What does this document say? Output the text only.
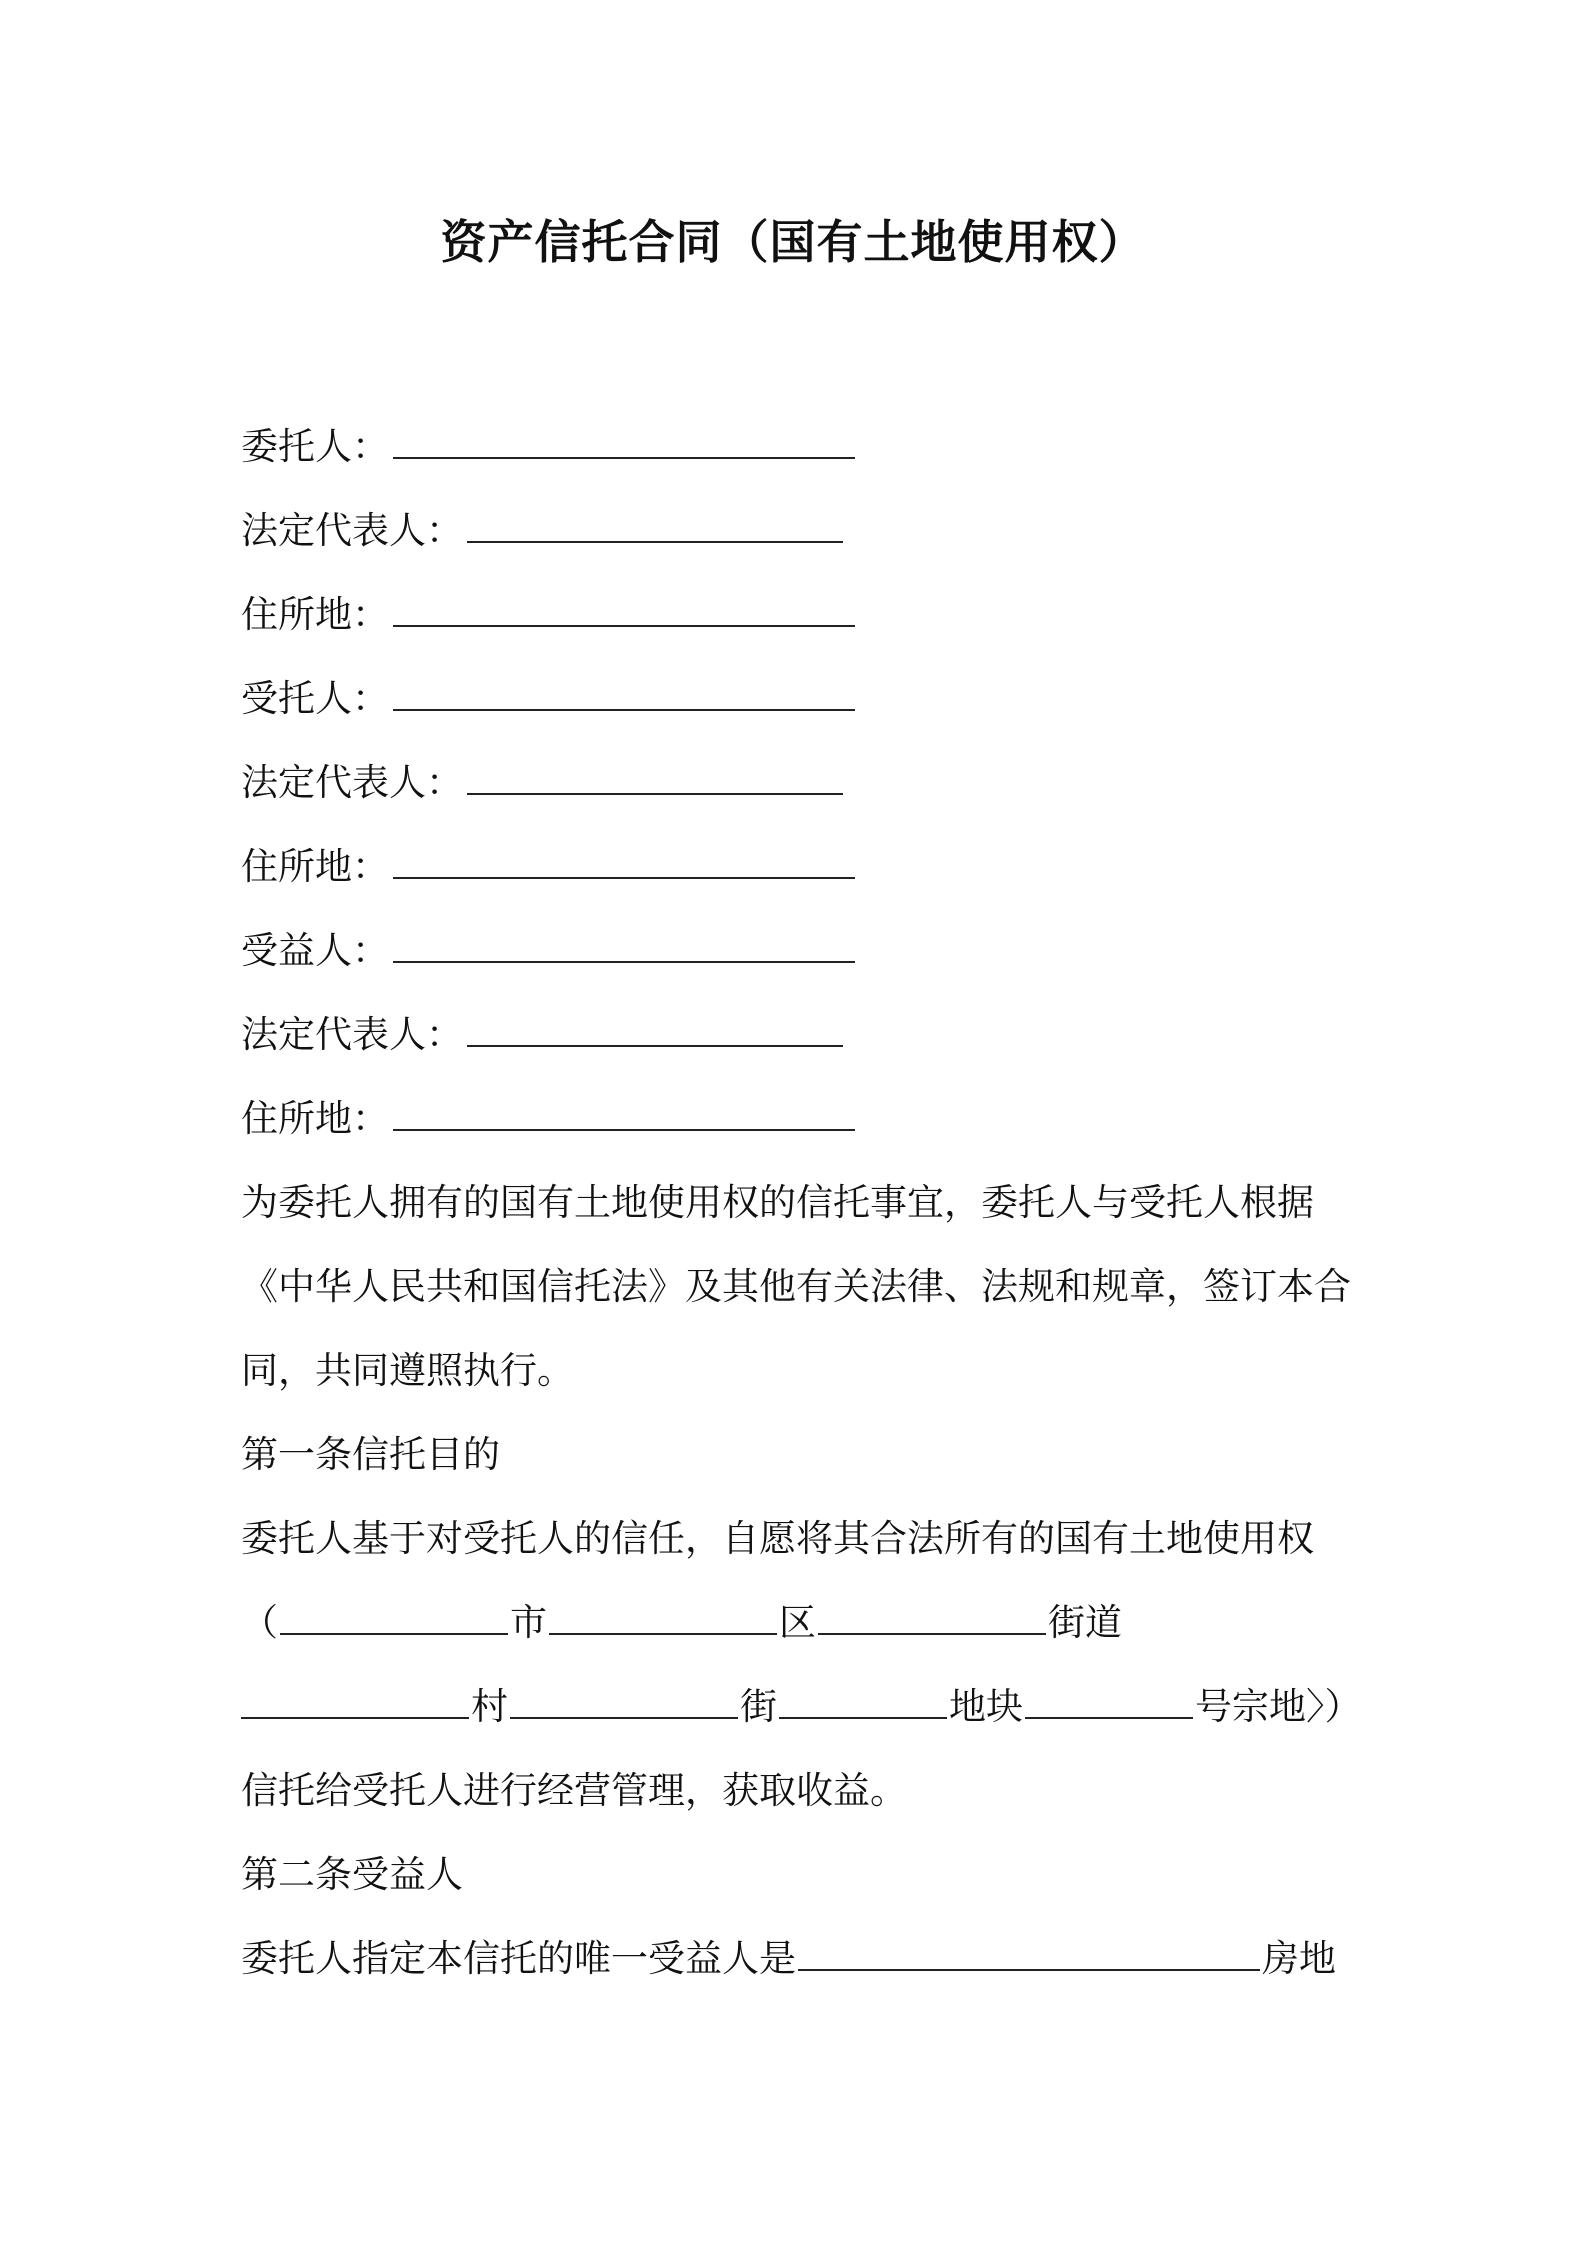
资产信托合同（国有土地使用权）
委托人：
法定代表人：
住所地：
受托人：
法定代表人：
住所地：
受益人：
法定代表人：
住所地：
为委托人拥有的国有土地使用权的信托事宜，委托人与受托人根据
《中华人民共和国信托法》及其他有关法律、法规和规章，签订本合
同，共同遵照执行。
第一条信托目的
委托人基于对受托人的信任，自愿将其合法所有的国有土地使用权
（	市	区	街道
村	街	地块	号宗地〉）
信托给受托人进行经营管理，获取收益。
第二条受益人
委托人指定本信托的唯一受益人是	房地
